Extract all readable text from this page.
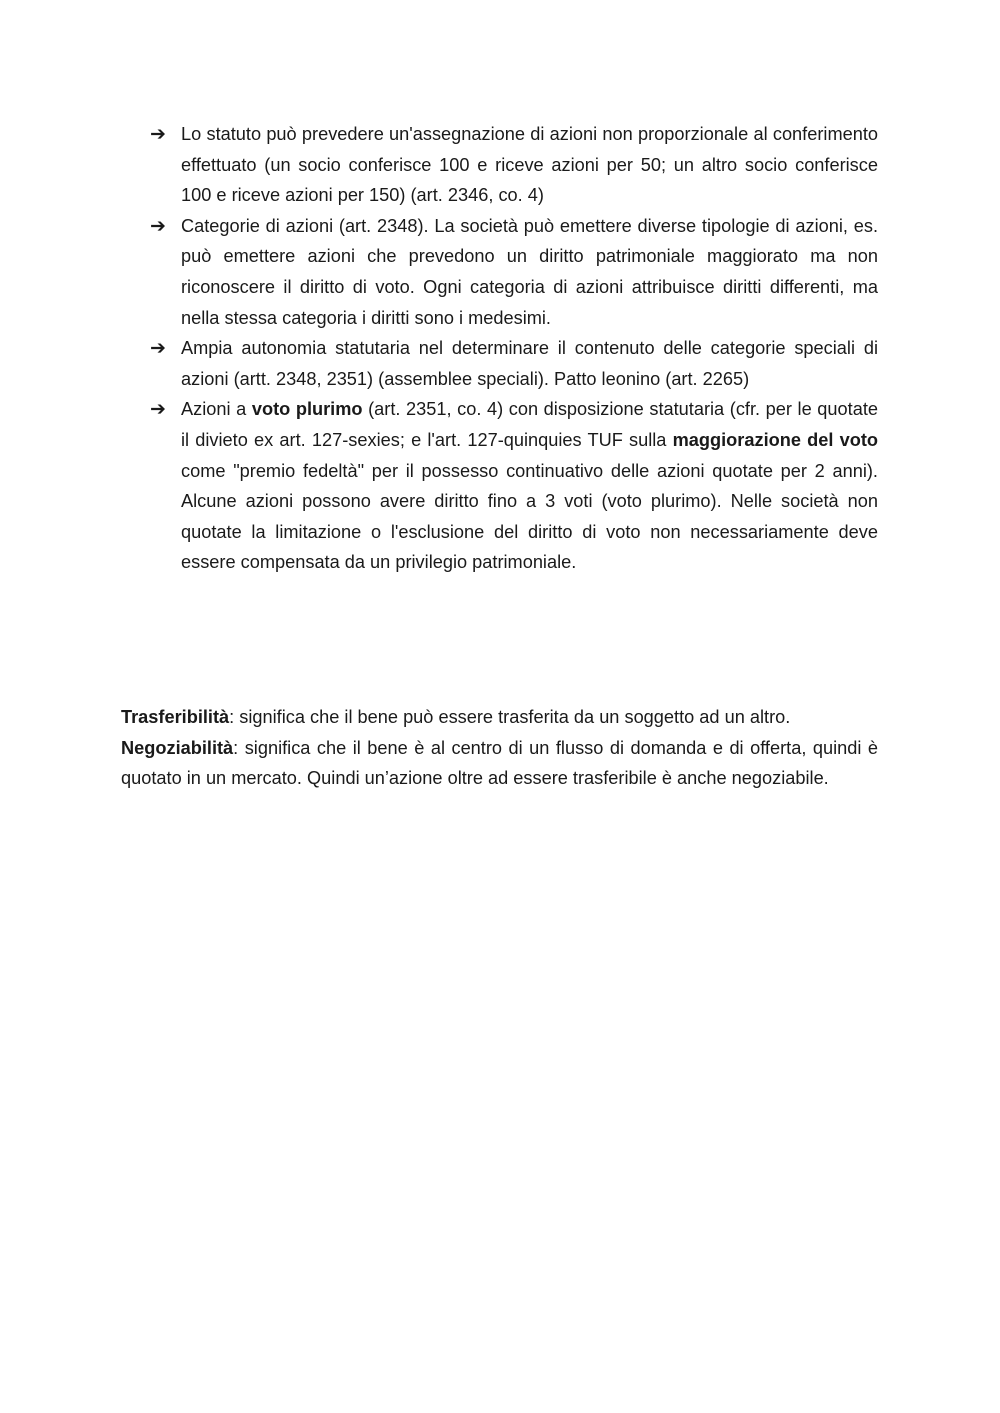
➔ Lo statuto può prevedere un'assegnazione di azioni non proporzionale al conferimento effettuato (un socio conferisce 100 e riceve azioni per 50; un altro socio conferisce 100 e riceve azioni per 150) (art. 2346, co. 4)

➔ Categorie di azioni (art. 2348). La società può emettere diverse tipologie di azioni, es. può emettere azioni che prevedono un diritto patrimoniale maggiorato ma non riconoscere il diritto di voto. Ogni categoria di azioni attribuisce diritti differenti, ma nella stessa categoria i diritti sono i medesimi.

➔ Ampia autonomia statutaria nel determinare il contenuto delle categorie speciali di azioni (artt. 2348, 2351) (assemblee speciali). Patto leonino (art. 2265)

➔ Azioni a voto plurimo (art. 2351, co. 4) con disposizione statutaria (cfr. per le quotate il divieto ex art. 127-sexies; e l'art. 127-quinquies TUF sulla maggiorazione del voto come "premio fedeltà" per il possesso continuativo delle azioni quotate per 2 anni). Alcune azioni possono avere diritto fino a 3 voti (voto plurimo). Nelle società non quotate la limitazione o l'esclusione del diritto di voto non necessariamente deve essere compensata da un privilegio patrimoniale.

Trasferibilità: significa che il bene può essere trasferita da un soggetto ad un altro.

Negoziabilità: significa che il bene è al centro di un flusso di domanda e di offerta, quindi è quotato in un mercato. Quindi un’azione oltre ad essere trasferibile è anche negoziabile.
